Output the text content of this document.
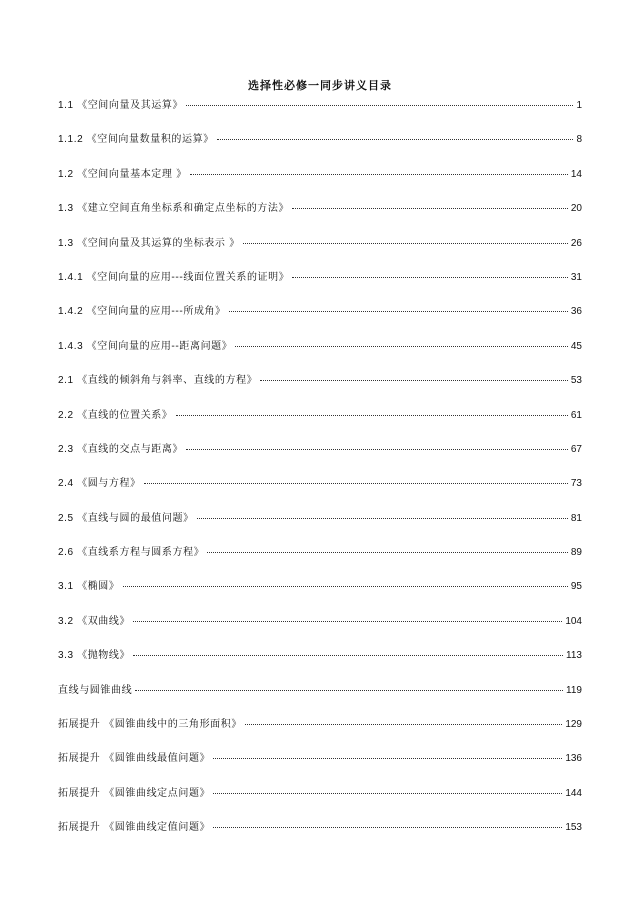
选择性必修一同步讲义目录
1.1 《空间向量及其运算》	1
1.1.2 《空间向量数量积的运算》	8
1.2 《空间向量基本定理 》	14
1.3 《建立空间直角坐标系和确定点坐标的方法》	20
1.3 《空间向量及其运算的坐标表示 》	26
1.4.1 《空间向量的应用---线面位置关系的证明》	31
1.4.2 《空间向量的应用---所成角》	36
1.4.3 《空间向量的应用--距离问题》	45
2.1 《直线的倾斜角与斜率、直线的方程》	53
2.2 《直线的位置关系》	61
2.3 《直线的交点与距离》	67
2.4 《圆与方程》	73
2.5 《直线与圆的最值问题》	81
2.6 《直线系方程与圆系方程》	89
3.1 《椭圆》	95
3.2 《双曲线》	104
3.3 《抛物线》	113
直线与圆锥曲线	119
拓展提升 《圆锥曲线中的三角形面积》	129
拓展提升 《圆锥曲线最值问题》	136
拓展提升 《圆锥曲线定点问题》	144
拓展提升 《圆锥曲线定值问题》	153
